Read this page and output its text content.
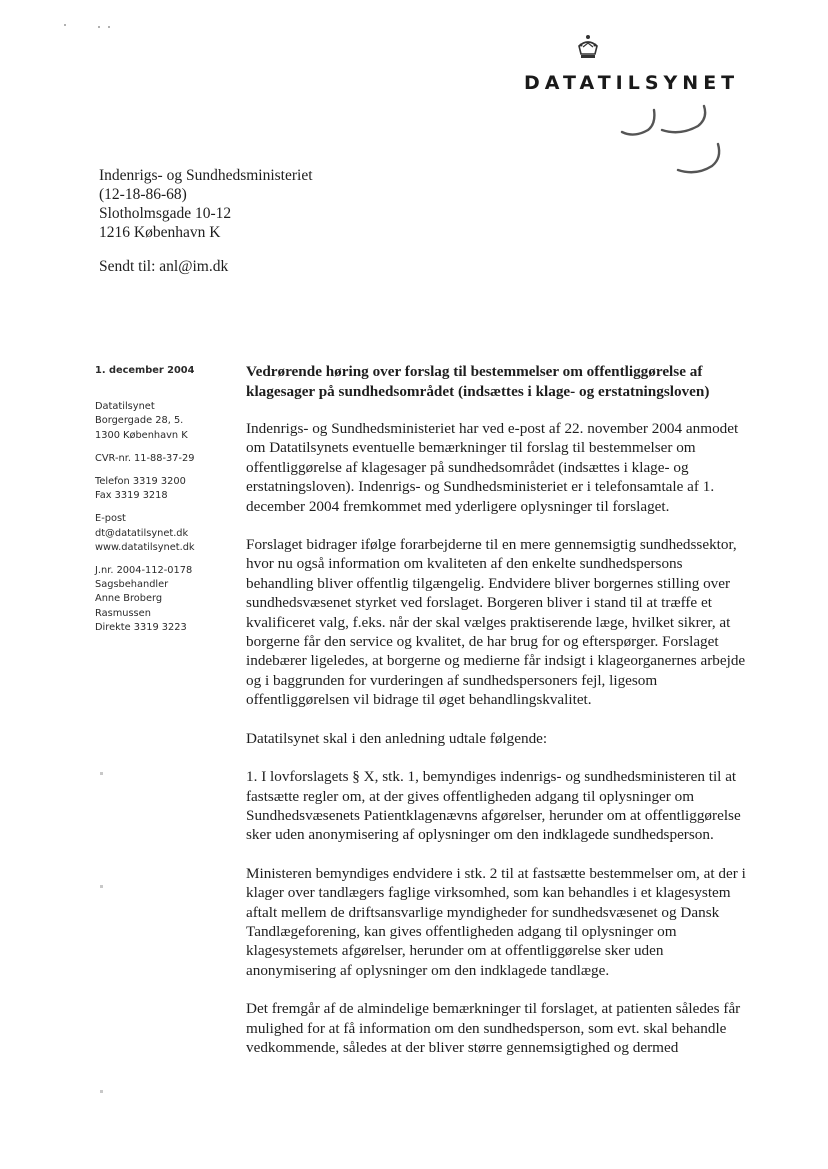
DATATILSYNET
Indenrigs- og Sundhedsministeriet
(12-18-86-68)
Slotholmsgade 10-12
1216 København K
Sendt til: anl@im.dk
1. december 2004
Datatilsynet
Borgergade 28, 5.
1300 København K
CVR-nr. 11-88-37-29
Telefon 3319 3200
Fax 3319 3218
E-post
dt@datatilsynet.dk
www.datatilsynet.dk
J.nr. 2004-112-0178
Sagsbehandler
Anne Broberg
Rasmussen
Direkte 3319 3223
Vedrørende høring over forslag til bestemmelser om offentliggørelse af klagesager på sundhedsområdet (indsættes i klage- og erstatningsloven)

Indenrigs- og Sundhedsministeriet har ved e-post af 22. november 2004 anmodet om Datatilsynets eventuelle bemærkninger til forslag til bestemmelser om offentliggørelse af klagesager på sundhedsområdet (indsættes i klage- og erstatningsloven). Indenrigs- og Sundhedsministeriet er i telefonsamtale af 1. december 2004 fremkommet med yderligere oplysninger til forslaget.

Forslaget bidrager ifølge forarbejderne til en mere gennemsigtig sundhedssektor, hvor nu også information om kvaliteten af den enkelte sundhedspersons behandling bliver offentlig tilgængelig. Endvidere bliver borgernes stilling over sundhedsvæsenet styrket ved forslaget. Borgeren bliver i stand til at træffe et kvalificeret valg, f.eks. når der skal vælges praktiserende læge, hvilket sikrer, at borgerne får den service og kvalitet, de har brug for og efterspørger. Forslaget indebærer ligeledes, at borgerne og medierne får indsigt i klageorganernes arbejde og i baggrunden for vurderingen af sundhedspersoners fejl, ligesom offentliggørelsen vil bidrage til øget behandlingskvalitet.

Datatilsynet skal i den anledning udtale følgende:

1. I lovforslagets § X, stk. 1, bemyndiges indenrigs- og sundhedsministeren til at fastsætte regler om, at der gives offentligheden adgang til oplysninger om Sundhedsvæsenets Patientklagenævns afgørelser, herunder om at offentliggørelse sker uden anonymisering af oplysninger om den indklagede sundhedsperson.

Ministeren bemyndiges endvidere i stk. 2 til at fastsætte bestemmelser om, at der i klager over tandlægers faglige virksomhed, som kan behandles i et klagesystem aftalt mellem de driftsansvarlige myndigheder for sundhedsvæsenet og Dansk Tandlægeforening, kan gives offentligheden adgang til oplysninger om klagesystemets afgørelser, herunder om at offentliggørelse sker uden anonymisering af oplysninger om den indklagede tandlæge.

Det fremgår af de almindelige bemærkninger til forslaget, at patienten således får mulighed for at få information om den sundhedsperson, som evt. skal behandle vedkommende, således at der bliver større gennemsigtighed og dermed
